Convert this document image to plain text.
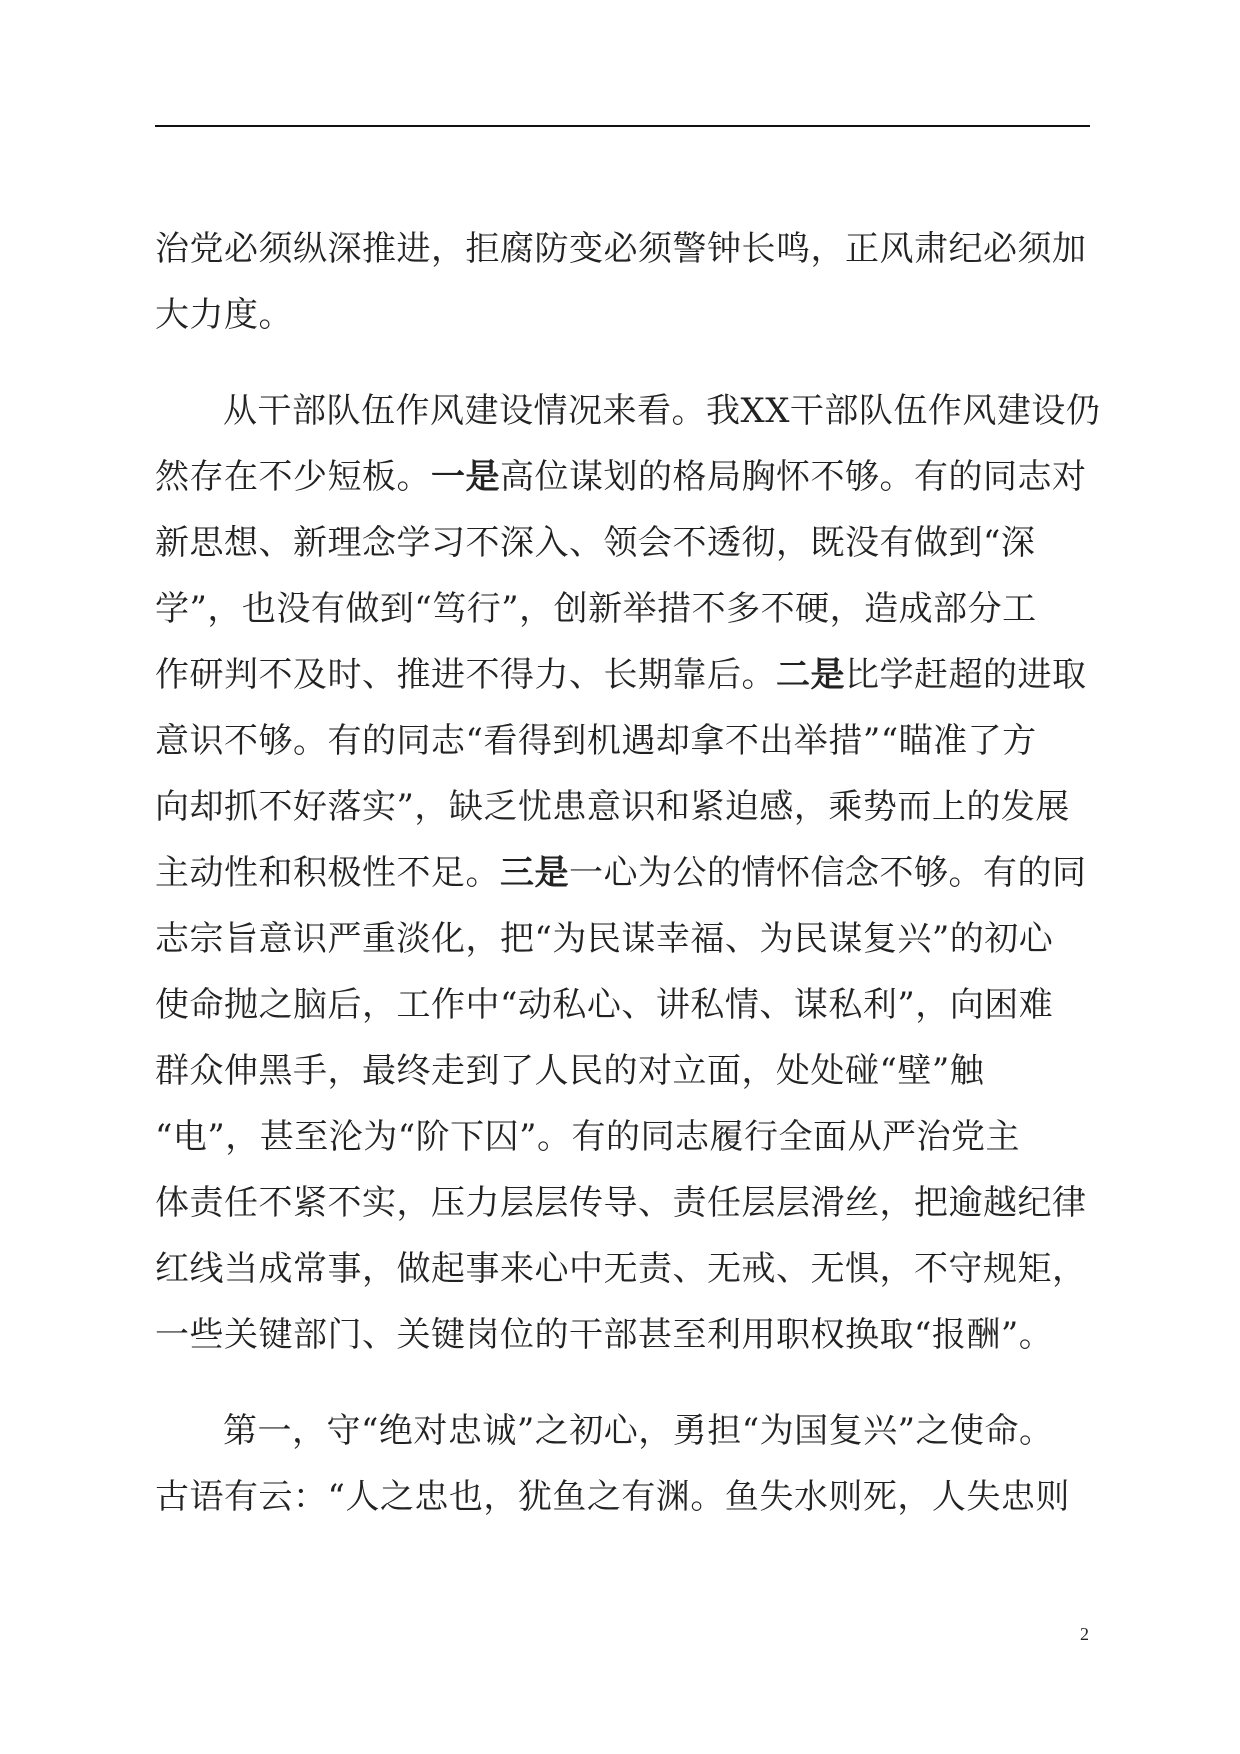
治党必须纵深推进，拒腐防变必须警钟长鸣，正风肃纪必须加
大力度。

从干部队伍作风建设情况来看。我XX干部队伍作风建设仍
然存在不少短板。一是高位谋划的格局胸怀不够。有的同志对
新思想、新理念学习不深入、领会不透彻，既没有做到“深
学”，也没有做到“笃行”，创新举措不多不硬，造成部分工
作研判不及时、推进不得力、长期靠后。二是比学赶超的进取
意识不够。有的同志“看得到机遇却拿不出举措”“瞄准了方
向却抓不好落实”，缺乏忧患意识和紧迫感，乘势而上的发展
主动性和积极性不足。三是一心为公的情怀信念不够。有的同
志宗旨意识严重淡化，把“为民谋幸福、为民谋复兴”的初心
使命抛之脑后，工作中“动私心、讲私情、谋私利”，向困难
群众伸黑手，最终走到了人民的对立面，处处碰“壁”触
“电”，甚至沦为“阶下囚”。有的同志履行全面从严治党主
体责任不紧不实，压力层层传导、责任层层滑丝，把逾越纪律
红线当成常事，做起事来心中无责、无戒、无惧，不守规矩，
一些关键部门、关键岗位的干部甚至利用职权换取“报酬”。

第一，守“绝对忠诚”之初心，勇担“为国复兴”之使命。
古语有云：“人之忠也，犹鱼之有渊。鱼失水则死，人失忠则

2
